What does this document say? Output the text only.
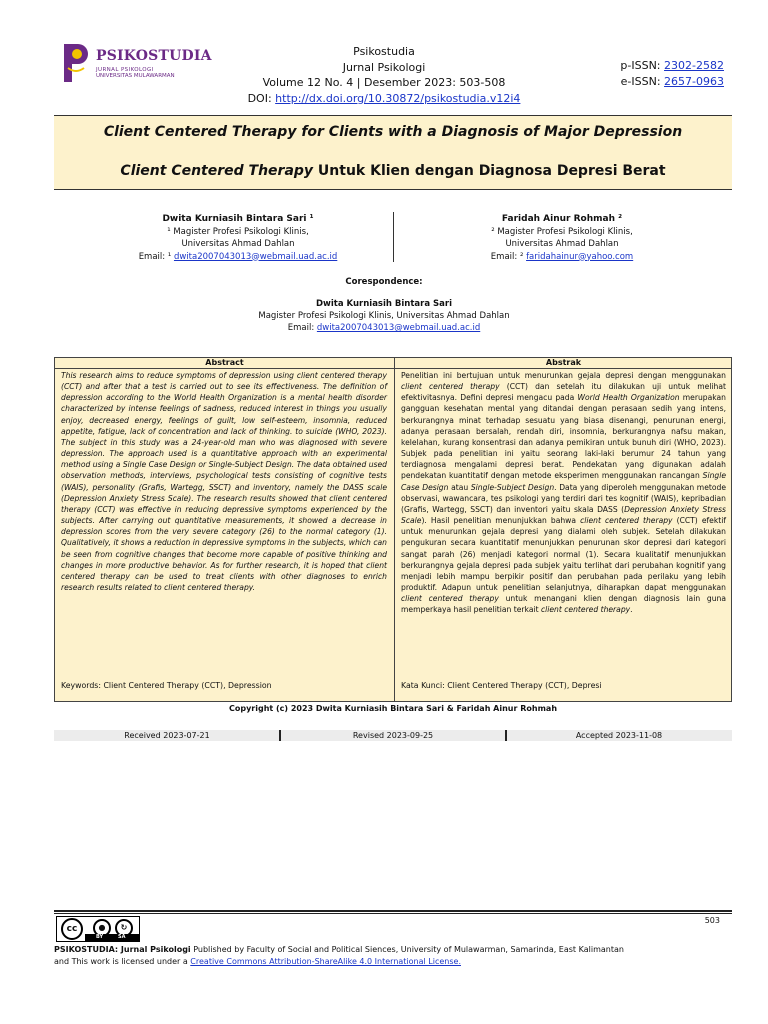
PSIKOSTUDIA
JURNAL PSIKOLOGI
UNIVERSITAS MULAWARMAN
Psikostudia
Jurnal Psikologi
Volume 12 No. 4 | Desember 2023: 503-508
DOI: http://dx.doi.org/10.30872/psikostudia.v12i4
p-ISSN: 2302-2582
e-ISSN: 2657-0963
Client Centered Therapy for Clients with a Diagnosis of Major Depression
Client Centered Therapy Untuk Klien dengan Diagnosa Depresi Berat
Dwita Kurniasih Bintara Sari ¹
¹ Magister Profesi Psikologi Klinis,
Universitas Ahmad Dahlan
Email: ¹ dwita2007043013@webmail.uad.ac.id
Faridah Ainur Rohmah ²
² Magister Profesi Psikologi Klinis,
Universitas Ahmad Dahlan
Email: ² faridahainur@yahoo.com
Corespondence:
Dwita Kurniasih Bintara Sari
Magister Profesi Psikologi Klinis, Universitas Ahmad Dahlan
Email: dwita2007043013@webmail.uad.ac.id
Abstract	Abstrak
This research aims to reduce symptoms of depression using client centered therapy (CCT) and after that a test is carried out to see its effectiveness. The definition of depression according to the World Health Organization is a mental health disorder characterized by intense feelings of sadness, reduced interest in things you usually enjoy, decreased energy, feelings of guilt, low self-esteem, insomnia, reduced appetite, fatigue, lack of concentration and lack of thinking. to suicide (WHO, 2023). The subject in this study was a 24-year-old man who was diagnosed with severe depression. The approach used is a quantitative approach with an experimental method using a Single Case Design or Single-Subject Design. The data obtained used observation methods, interviews, psychological tests consisting of cognitive tests (WAIS), personality (Grafis, Wartegg, SSCT) and inventory, namely the DASS scale (Depression Anxiety Stress Scale). The research results showed that client centered therapy (CCT) was effective in reducing depressive symptoms experienced by the subjects. After carrying out quantitative measurements, it showed a decrease in depression scores from the very severe category (26) to the normal category (1). Qualitatively, it shows a reduction in depressive symptoms in the subjects, which can be seen from cognitive changes that become more capable of positive thinking and changes in more productive behavior. As for further research, it is hoped that client centered therapy can be used to treat clients with other diagnoses to enrich research results related to client centered therapy.
Penelitian ini bertujuan untuk menurunkan gejala depresi dengan menggunakan client centered therapy (CCT) dan setelah itu dilakukan uji untuk melihat efektivitasnya. Defini depresi mengacu pada World Health Organization merupakan gangguan kesehatan mental yang ditandai dengan perasaan sedih yang intens, berkurangnya minat terhadap sesuatu yang biasa disenangi, penurunan energi, adanya perasaan bersalah, rendah diri, insomnia, berkurangnya nafsu makan, kelelahan, kurang konsentrasi dan adanya pemikiran untuk bunuh diri (WHO, 2023). Subjek pada penelitian ini yaitu seorang laki-laki berumur 24 tahun yang terdiagnosa mengalami depresi berat. Pendekatan yang digunakan adalah pendekatan kuantitatif dengan metode eksperimen menggunakan rancangan Single Case Design atau Single-Subject Design. Data yang diperoleh menggunakan metode observasi, wawancara, tes psikologi yang terdiri dari tes kognitif (WAIS), kepribadian (Grafis, Wartegg, SSCT) dan inventori yaitu skala DASS (Depression Anxiety Stress Scale). Hasil penelitian menunjukkan bahwa client centered therapy (CCT) efektif untuk menurunkan gejala depresi yang dialami oleh subjek. Setelah dilakukan pengukuran secara kuantitatif menunjukkan penurunan skor depresi dari kategori sangat parah (26) menjadi kategori normal (1). Secara kualitatif menunjukkan berkurangnya gejala depresi pada subjek yaitu terlihat dari perubahan kognitif yang menjadi lebih mampu berpikir positif dan perubahan pada perilaku yang lebih produktif. Adapun untuk penelitian selanjutnya, diharapkan dapat menggunakan client centered therapy untuk menangani klien dengan diagnosis lain guna memperkaya hasil penelitian terkait client centered therapy.
Keywords: Client Centered Therapy (CCT), Depression	Kata Kunci: Client Centered Therapy (CCT), Depresi
Copyright (c) 2023 Dwita Kurniasih Bintara Sari & Faridah Ainur Rohmah
Received 2023-07-21	Revised 2023-09-25	Accepted 2023-11-08
503
cc	●	↻
BY	SA
PSIKOSTUDIA: Jurnal Psikologi Published by Faculty of Social and Political Siences, University of Mulawarman, Samarinda, East Kalimantan
and This work is licensed under a Creative Commons Attribution-ShareAlike 4.0 International License.
